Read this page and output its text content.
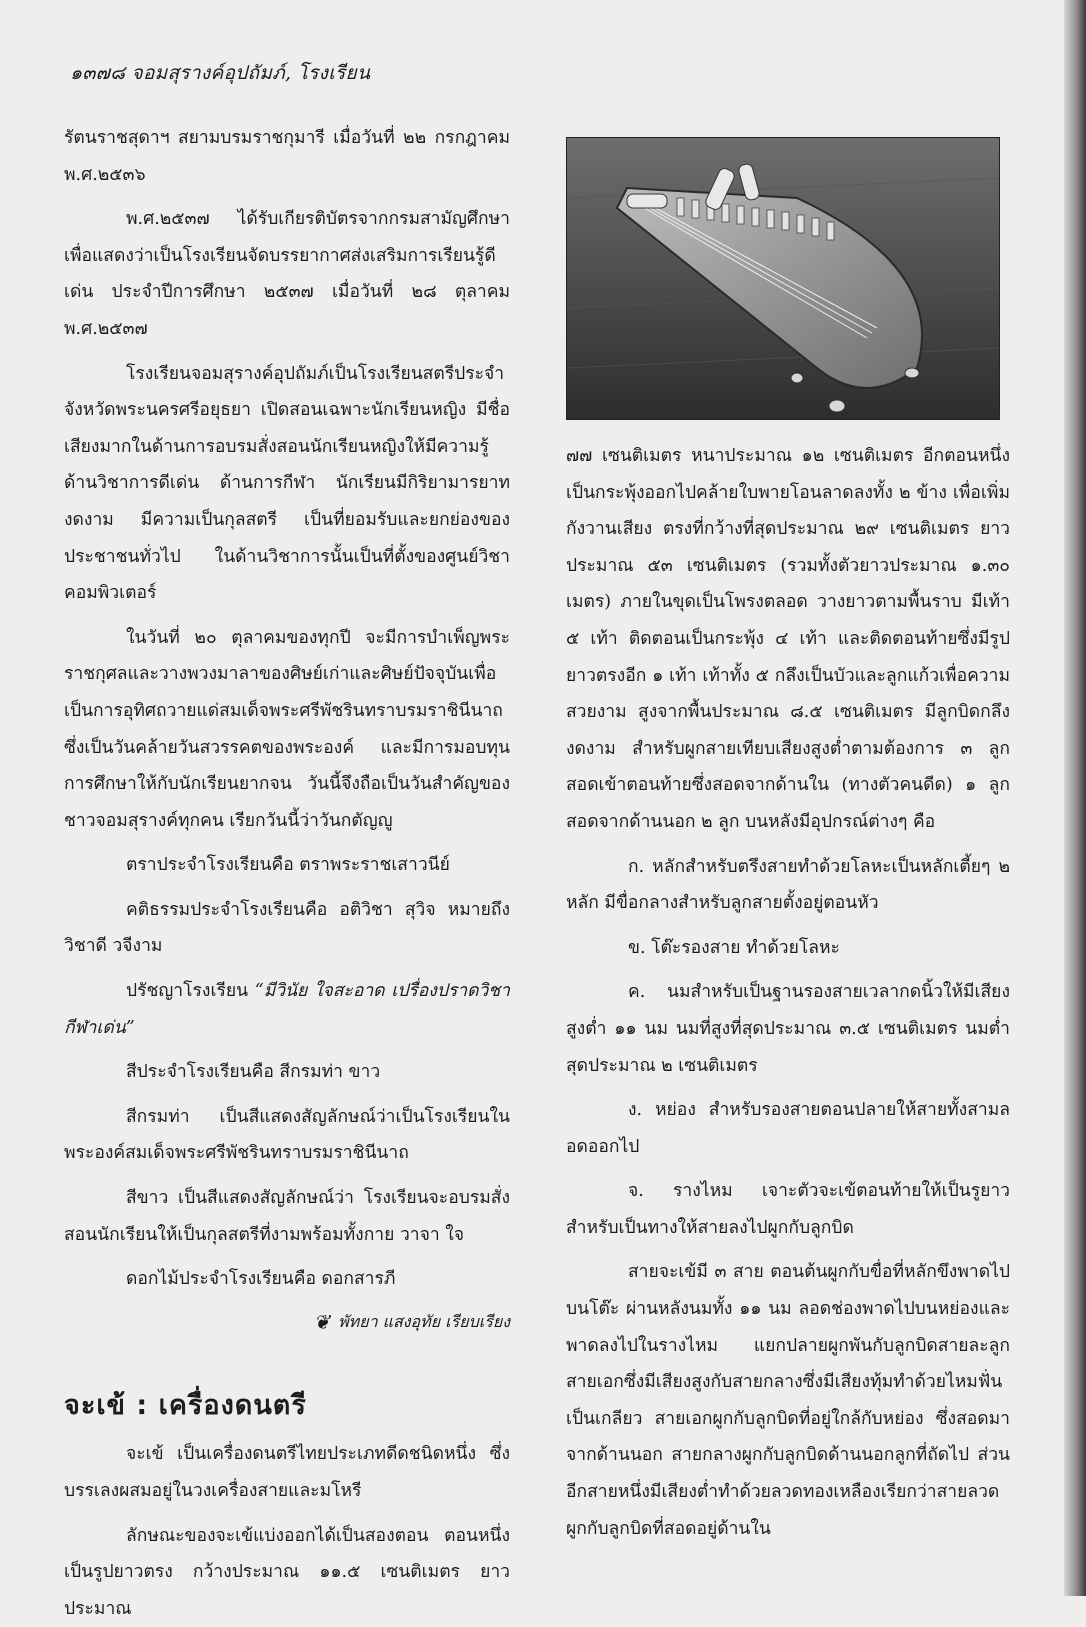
๑๓๗๘ จอมสุรางค์อุปถัมภ์, โรงเรียน

รัตนราชสุดาฯ สยามบรมราชกุมารี เมื่อวันที่ ๒๒ กรกฎาคม พ.ศ.๒๕๓๖

พ.ศ.๒๕๓๗ ได้รับเกียรติบัตรจากกรมสามัญศึกษา เพื่อแสดงว่าเป็นโรงเรียนจัดบรรยากาศส่งเสริมการเรียนรู้ดีเด่น ประจำปีการศึกษา ๒๕๓๗ เมื่อวันที่ ๒๘ ตุลาคม พ.ศ.๒๕๓๗

โรงเรียนจอมสุรางค์อุปถัมภ์เป็นโรงเรียนสตรีประจำจังหวัดพระนครศรีอยุธยา เปิดสอนเฉพาะนักเรียนหญิง มีชื่อเสียงมากในด้านการอบรมสั่งสอนนักเรียนหญิงให้มีความรู้ด้านวิชาการดีเด่น ด้านการกีฬา นักเรียนมีกิริยามารยาทงดงาม มีความเป็นกุลสตรี เป็นที่ยอมรับและยกย่องของประชาชนทั่วไป ในด้านวิชาการนั้นเป็นที่ตั้งของศูนย์วิชาคอมพิวเตอร์

ในวันที่ ๒๐ ตุลาคมของทุกปี จะมีการบำเพ็ญพระราชกุศลและวางพวงมาลาของศิษย์เก่าและศิษย์ปัจจุบันเพื่อเป็นการอุทิศถวายแด่สมเด็จพระศรีพัชรินทราบรมราชินีนาถ ซึ่งเป็นวันคล้ายวันสวรรคตของพระองค์ และมีการมอบทุนการศึกษาให้กับนักเรียนยากจน วันนี้จึงถือเป็นวันสำคัญของชาวจอมสุรางค์ทุกคน เรียกวันนี้ว่าวันกตัญญู

ตราประจำโรงเรียนคือ ตราพระราชเสาวนีย์

คติธรรมประจำโรงเรียนคือ อติวิชา สุวิจ หมายถึง วิชาดี วจีงาม

ปรัชญาโรงเรียน “มีวินัย ใจสะอาด เปรื่องปราดวิชา กีฬาเด่น”

สีประจำโรงเรียนคือ สีกรมท่า ขาว

สีกรมท่า เป็นสีแสดงสัญลักษณ์ว่าเป็นโรงเรียนในพระองค์สมเด็จพระศรีพัชรินทราบรมราชินีนาถ

สีขาว เป็นสีแสดงสัญลักษณ์ว่า โรงเรียนจะอบรมสั่งสอนนักเรียนให้เป็นกุลสตรีที่งามพร้อมทั้งกาย วาจา ใจ

ดอกไม้ประจำโรงเรียนคือ ดอกสารภี

❦ พัทยา แสงอุทัย เรียบเรียง
จะเข้ : เครื่องดนตรี

จะเข้ เป็นเครื่องดนตรีไทยประเภทดีดชนิดหนึ่ง ซึ่งบรรเลงผสมอยู่ในวงเครื่องสายและมโหรี

ลักษณะของจะเข้แบ่งออกได้เป็นสองตอน ตอนหนึ่งเป็นรูปยาวตรง กว้างประมาณ ๑๑.๕ เซนติเมตร ยาวประมาณ

๗๗ เซนติเมตร หนาประมาณ ๑๒ เซนติเมตร อีกตอนหนึ่งเป็นกระพุ้งออกไปคล้ายใบพายโอนลาดลงทั้ง ๒ ข้าง เพื่อเพิ่มกังวานเสียง ตรงที่กว้างที่สุดประมาณ ๒๙ เซนติเมตร ยาวประมาณ ๕๓ เซนติเมตร (รวมทั้งตัวยาวประมาณ ๑.๓๐ เมตร) ภายในขุดเป็นโพรงตลอด วางยาวตามพื้นราบ มีเท้า ๕ เท้า ติดตอนเป็นกระพุ้ง ๔ เท้า และติดตอนท้ายซึ่งมีรูปยาวตรงอีก ๑ เท้า เท้าทั้ง ๕ กลึงเป็นบัวและลูกแก้วเพื่อความสวยงาม สูงจากพื้นประมาณ ๘.๕ เซนติเมตร มีลูกบิดกลึงงดงาม สำหรับผูกสายเทียบเสียงสูงต่ำตามต้องการ ๓ ลูก สอดเข้าตอนท้ายซึ่งสอดจากด้านใน (ทางตัวคนดีด) ๑ ลูก สอดจากด้านนอก ๒ ลูก บนหลังมีอุปกรณ์ต่างๆ คือ

ก. หลักสำหรับตรึงสายทำด้วยโลหะเป็นหลักเตี้ยๆ ๒ หลัก มีขื่อกลางสำหรับลูกสายตั้งอยู่ตอนหัว

ข. โต๊ะรองสาย ทำด้วยโลหะ

ค. นมสำหรับเป็นฐานรองสายเวลากดนิ้วให้มีเสียงสูงต่ำ ๑๑ นม นมที่สูงที่สุดประมาณ ๓.๕ เซนติเมตร นมต่ำสุดประมาณ ๒ เซนติเมตร

ง. หย่อง สำหรับรองสายตอนปลายให้สายทั้งสามลอดออกไป

จ. รางไหม เจาะตัวจะเข้ตอนท้ายให้เป็นรูยาว สำหรับเป็นทางให้สายลงไปผูกกับลูกบิด

สายจะเข้มี ๓ สาย ตอนต้นผูกกับขื่อที่หลักขึงพาดไปบนโต๊ะ ผ่านหลังนมทั้ง ๑๑ นม ลอดช่องพาดไปบนหย่องและพาดลงไปในรางไหม แยกปลายผูกพันกับลูกบิดสายละลูก สายเอกซึ่งมีเสียงสูงกับสายกลางซึ่งมีเสียงทุ้มทำด้วยไหมฟั่นเป็นเกลียว สายเอกผูกกับลูกบิดที่อยู่ใกล้กับหย่อง ซึ่งสอดมาจากด้านนอก สายกลางผูกกับลูกบิดด้านนอกลูกที่ถัดไป ส่วนอีกสายหนึ่งมีเสียงต่ำทำด้วยลวดทองเหลืองเรียกว่าสายลวด ผูกกับลูกบิดที่สอดอยู่ด้านใน
